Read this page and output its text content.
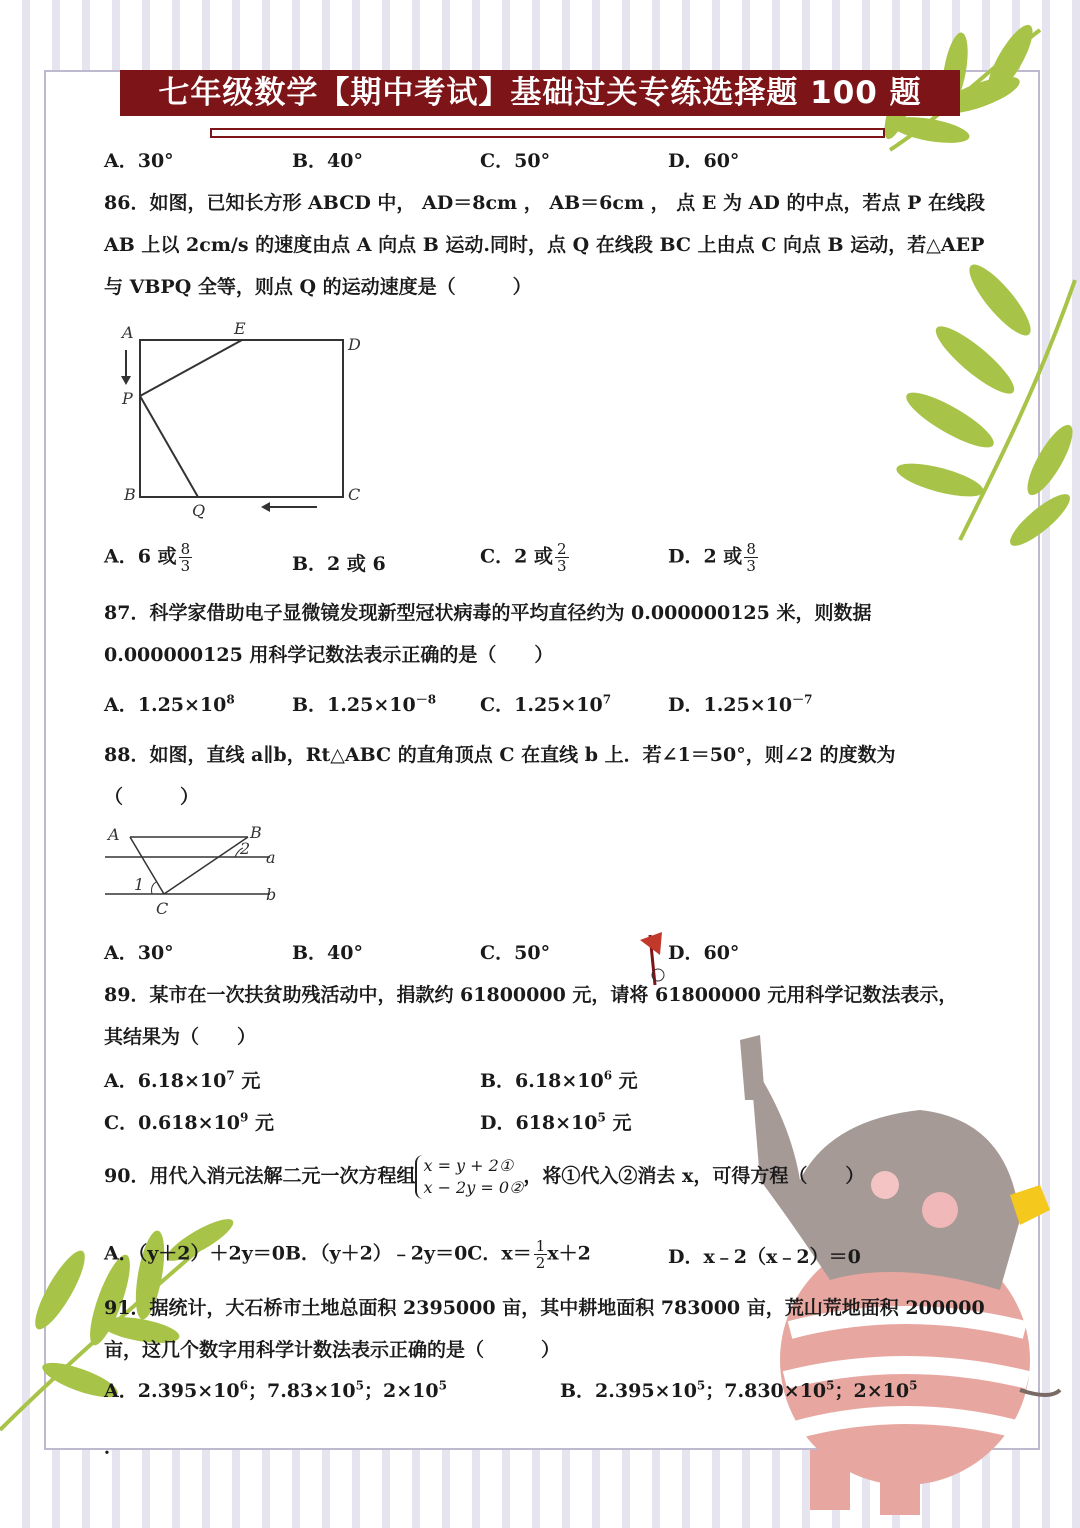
七年级数学【期中考试】基础过关专练选择题 100 题
A．30°	B．40°	C．50°	D．60°
86．如图，已知长方形 ABCD 中， AD＝8cm ， AB＝6cm ， 点 E 为 AD 的中点，若点 P 在线段
AB 上以 2cm/s 的速度由点 A 向点 B 运动.同时，点 Q 在线段 BC 上由点 C 向点 B 运动，若△AEP
与 VBPQ 全等，则点 Q 的运动速度是（　　　）
A	E
D
P
B
Q
C
A．6 或 $\frac{8}{3}$	B．2 或 6	C．2 或 $\frac{2}{3}$	D．2 或 $\frac{8}{3}$
87．科学家借助电子显微镜发现新型冠状病毒的平均直径约为 0.000000125 米，则数据
0.000000125 用科学记数法表示正确的是（　　）
A．$1.25\times 10^8$	B．$1.25\times 10^{-8}$ C．$1.25\times 10^7$	D．$1.25\times 10^{-7}$
88．如图，直线 a∥b，Rt△ABC 的直角顶点 C 在直线 b 上．若∠1＝50°，则∠2 的度数为
（　　　）
A	B
a
b
1
2
C
A．30°	B．40°	C．50°	D．60°
89．某市在一次扶贫助残活动中，捐款约 61800000 元，请将 61800000 元用科学记数法表示，
其结果为（　　）
A．$6.18\times 10^7$ 元	B．$6.18\times 10^6$ 元
C．$0.618\times 10^9$ 元	D．$618\times 10^5$ 元
90．用代入消元法解二元一次方程组 x = y + 2①
x − 2y = 0②
，将①代入②消去 x，可得方程（　　）
A．（y＋2）＋2y＝0B．（y＋2）﹣2y＝0C．$x= \frac{1}{2} x+2$	D．x﹣2（x﹣2）＝0
91．据统计，大石桥市土地总面积 2395000 亩，其中耕地面积 783000 亩，荒山荒地面积 200000
亩，这几个数字用科学计数法表示正确的是（　　　）
A．$2.395\times 10^6$；$7.83\times 10^5$；$2\times 10^5$	B．$2.395\times 10^5$；$7.830\times 10^5$；$2\times 10^5$
．
